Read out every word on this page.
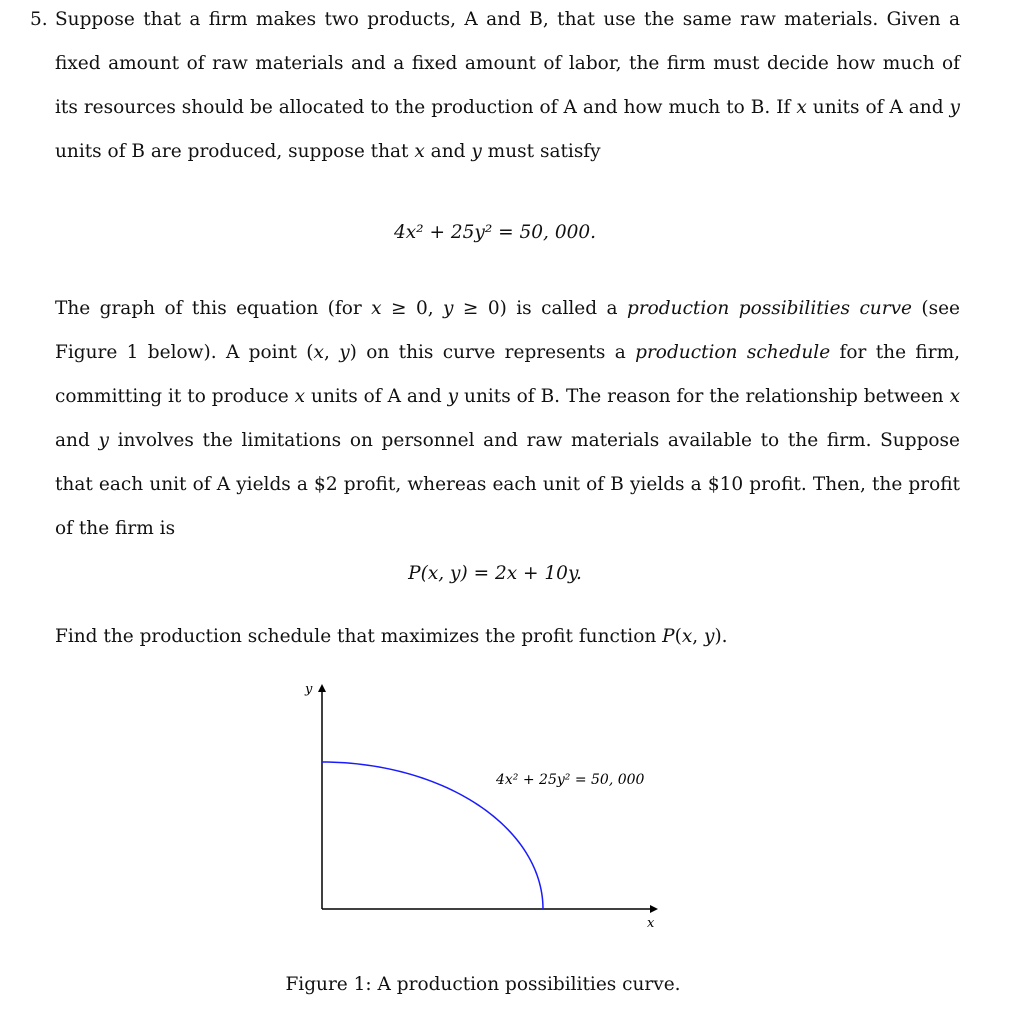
5. Suppose that a firm makes two products, A and B, that use the same raw materials. Given a fixed amount of raw materials and a fixed amount of labor, the firm must decide how much of its resources should be allocated to the production of A and how much to B. If x units of A and y units of B are produced, suppose that x and y must satisfy

4x² + 25y² = 50, 000.

The graph of this equation (for x ≥ 0, y ≥ 0) is called a production possibilities curve (see Figure 1 below). A point (x, y) on this curve represents a production schedule for the firm, committing it to produce x units of A and y units of B. The reason for the relationship between x and y involves the limitations on personnel and raw materials available to the firm. Suppose that each unit of A yields a $2 profit, whereas each unit of B yields a $10 profit. Then, the profit of the firm is

P(x, y) = 2x + 10y.

Find the production schedule that maximizes the profit function P(x, y).

y
x
4x² + 25y² = 50, 000
Figure 1: A production possibilities curve.
